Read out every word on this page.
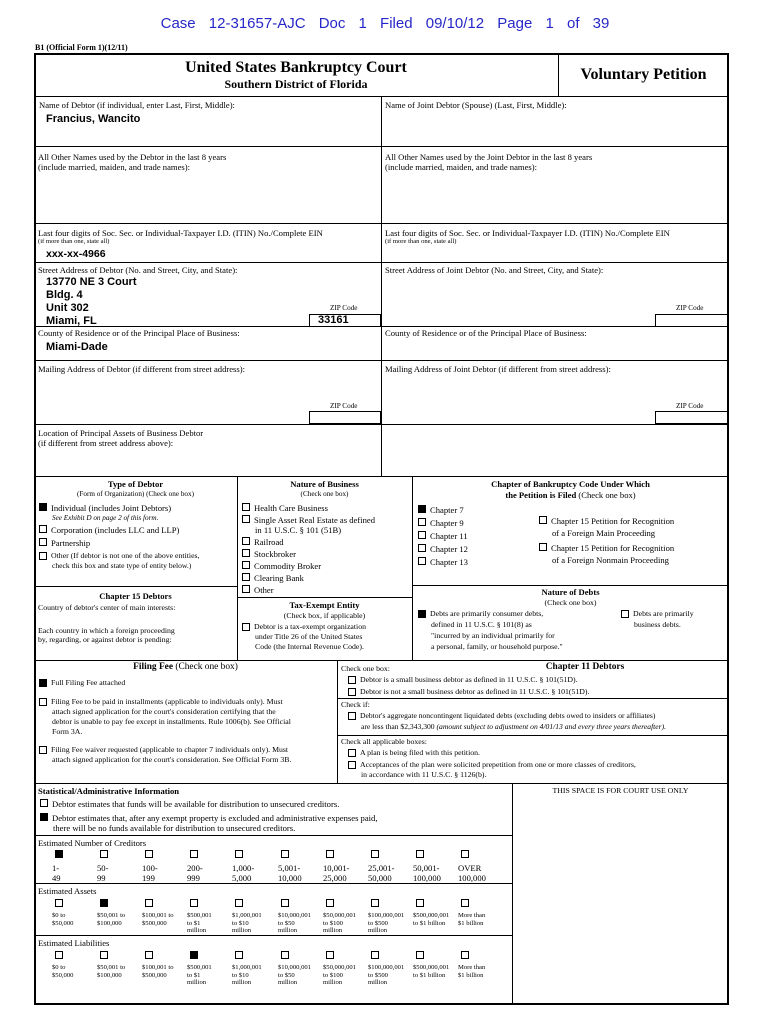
Case 12-31657-AJC Doc 1 Filed 09/10/12 Page 1 of 39
B1 (Official Form 1)(12/11)
United States Bankruptcy Court
Southern District of Florida
Voluntary Petition
Name of Debtor (if individual, enter Last, First, Middle):
Francius, Wancito
Name of Joint Debtor (Spouse) (Last, First, Middle):
All Other Names used by the Debtor in the last 8 years
(include married, maiden, and trade names):
All Other Names used by the Joint Debtor in the last 8 years
(include married, maiden, and trade names):
Last four digits of Soc. Sec. or Individual-Taxpayer I.D. (ITIN) No./Complete EIN
(if more than one, state all)
xxx-xx-4966
Last four digits of Soc. Sec. or Individual-Taxpayer I.D. (ITIN) No./Complete EIN
(if more than one, state all)
Street Address of Debtor (No. and Street, City, and State):
13770 NE 3 Court
Bldg. 4
Unit 302
Miami, FL
ZIP Code
33161
Street Address of Joint Debtor (No. and Street, City, and State):
ZIP Code
County of Residence or of the Principal Place of Business:
Miami-Dade
County of Residence or of the Principal Place of Business:
Mailing Address of Debtor (if different from street address):
ZIP Code
Mailing Address of Joint Debtor (if different from street address):
ZIP Code
Location of Principal Assets of Business Debtor
(if different from street address above):
Type of Debtor
(Form of Organization) (Check one box)
Individual (includes Joint Debtors)
See Exhibit D on page 2 of this form.
Corporation (includes LLC and LLP)
Partnership
Other (If debtor is not one of the above entities,
check this box and state type of entity below.)
Chapter 15 Debtors
Country of debtor's center of main interests:
Each country in which a foreign proceeding
by, regarding, or against debtor is pending:
Nature of Business
(Check one box)
Health Care Business
Single Asset Real Estate as defined
in 11 U.S.C. § 101 (51B)
Railroad
Stockbroker
Commodity Broker
Clearing Bank
Other
Tax-Exempt Entity
(Check box, if applicable)
Debtor is a tax-exempt organization
under Title 26 of the United States
Code (the Internal Revenue Code).
Chapter of Bankruptcy Code Under Which
the Petition is Filed (Check one box)
Chapter 7
Chapter 9
Chapter 11
Chapter 12
Chapter 13
Chapter 15 Petition for Recognition
of a Foreign Main Proceeding
Chapter 15 Petition for Recognition
of a Foreign Nonmain Proceeding
Nature of Debts
(Check one box)
Debts are primarily consumer debts,
defined in 11 U.S.C. § 101(8) as
"incurred by an individual primarily for
a personal, family, or household purpose."
Debts are primarily
business debts.
Filing Fee (Check one box)
Full Filing Fee attached
Filing Fee to be paid in installments (applicable to individuals only). Must
attach signed application for the court's consideration certifying that the
debtor is unable to pay fee except in installments. Rule 1006(b). See Official
Form 3A.
Filing Fee waiver requested (applicable to chapter 7 individuals only). Must
attach signed application for the court's consideration. See Official Form 3B.
Check one box:	Chapter 11 Debtors
Debtor is a small business debtor as defined in 11 U.S.C. § 101(51D).
Debtor is not a small business debtor as defined in 11 U.S.C. § 101(51D).
Check if:
Debtor's aggregate noncontingent liquidated debts (excluding debts owed to insiders or affiliates)
are less than $2,343,300 (amount subject to adjustment on 4/01/13 and every three years thereafter).
Check all applicable boxes:
A plan is being filed with this petition.
Acceptances of the plan were solicited prepetition from one or more classes of creditors,
in accordance with 11 U.S.C. § 1126(b).
Statistical/Administrative Information	THIS SPACE IS FOR COURT USE ONLY
Debtor estimates that funds will be available for distribution to unsecured creditors.
Debtor estimates that, after any exempt property is excluded and administrative expenses paid,
there will be no funds available for distribution to unsecured creditors.
Estimated Number of Creditors
1-
49
50-
99
100-
199
200-
999
1,000-
5,000
5,001-
10,000
10,001-
25,000
25,001-
50,000
50,001-
100,000
OVER
100,000
Estimated Assets
$0 to
$50,000
$50,001 to
$100,000
$100,001 to
$500,000
$500,001
to $1
million
$1,000,001
to $10
million
$10,000,001
to $50
million
$50,000,001
to $100
million
$100,000,001
to $500
million
$500,000,001
to $1 billion
More than
$1 billion
Estimated Liabilities
$0 to
$50,000
$50,001 to
$100,000
$100,001 to
$500,000
$500,001
to $1
million
$1,000,001
to $10
million
$10,000,001
to $50
million
$50,000,001
to $100
million
$100,000,001
to $500
million
$500,000,001
to $1 billion
More than
$1 billion
